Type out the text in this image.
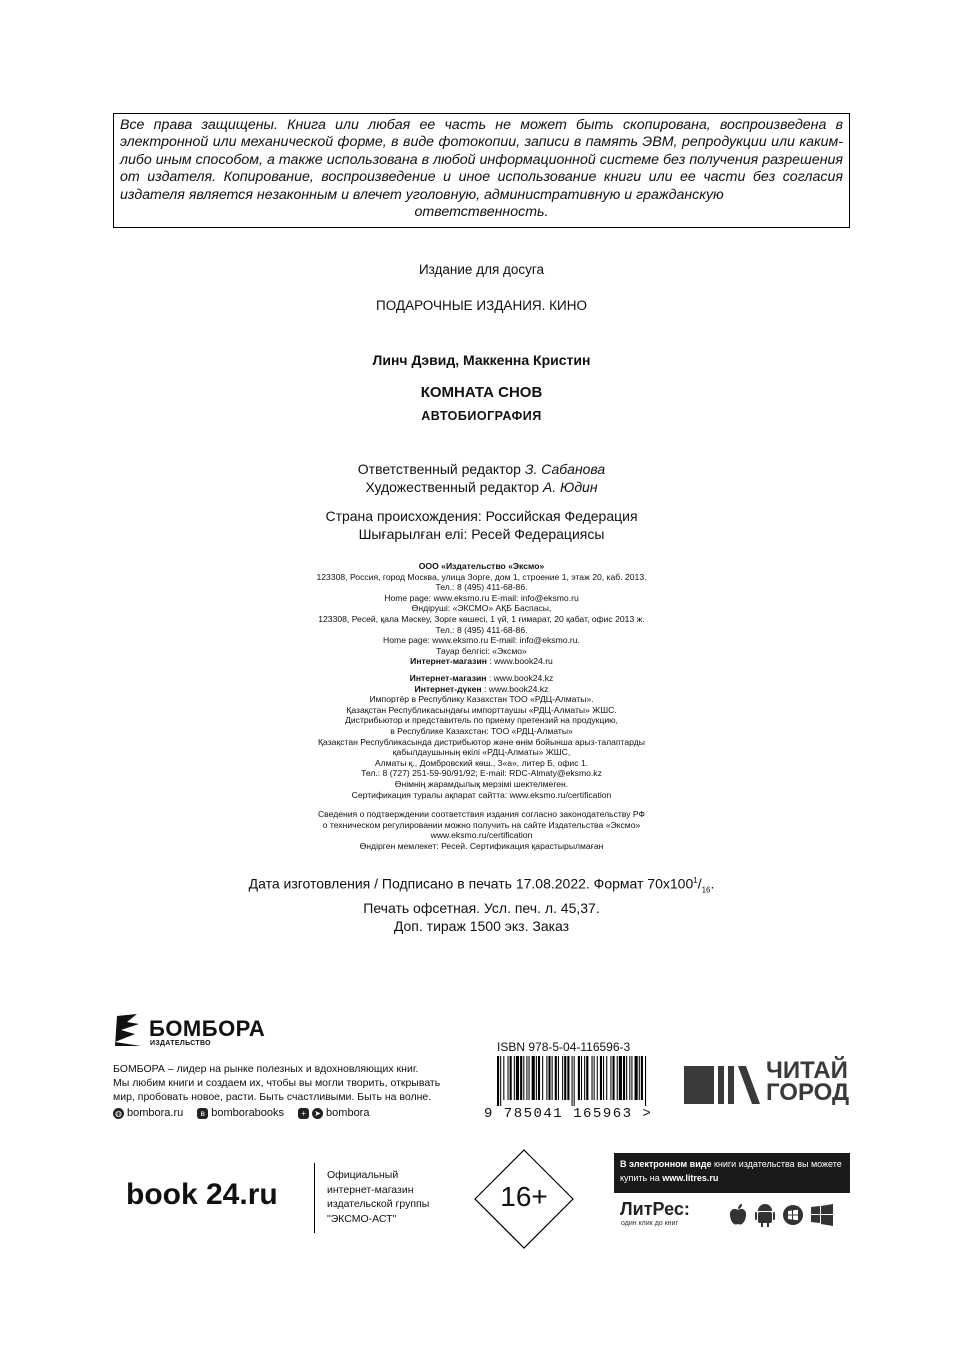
Все права защищены. Книга или любая ее часть не может быть скопирована, воспроизведена в электронной или механической форме, в виде фотокопии, записи в память ЭВМ, репродукции или каким-либо иным способом, а также использована в любой информационной системе без получения разрешения от издателя. Копирование, воспроизведение и иное использование книги или ее части без согласия издателя является незаконным и влечет уголовную, административную и гражданскую
ответственность.
Издание для досуга
ПОДАРОЧНЫЕ ИЗДАНИЯ. КИНО
Линч Дэвид, Маккенна Кристин
КОМНАТА СНОВ
АВТОБИОГРАФИЯ
Ответственный редактор З. Сабанова
Художественный редактор А. Юдин
Страна происхождения: Российская Федерация
Шығарылған елі: Ресей Федерациясы
ООО «Издательство «Эксмо»
123308, Россия, город Москва, улица Зорге, дом 1, строение 1, этаж 20, каб. 2013.
Тел.: 8 (495) 411-68-86.
Home page: www.eksmo.ru E-mail: info@eksmo.ru
Өндіруші: «ЭКСМО» АҚБ Баспасы,
123308, Ресей, қала Мәскеу, Зорге көшесі, 1 үй, 1 ғимарат, 20 қабат, офис 2013 ж.
Тел.: 8 (495) 411-68-86.
Home page: www.eksmo.ru E-mail: info@eksmo.ru.
Тауар белгісі: «Эксмо»
Интернет-магазин : www.book24.ru
Интернет-магазин : www.book24.kz
Интернет-дүкен : www.book24.kz
Импортёр в Республику Казахстан ТОО «РДЦ-Алматы».
Қазақстан Республикасындағы импорттаушы «РДЦ-Алматы» ЖШС.
Дистрибьютор и представитель по приему претензий на продукцию,
в Республике Казахстан: ТОО «РДЦ-Алматы»
Қазақстан Республикасында дистрибьютор және өнім бойынша арыз-талаптарды
қабылдаушының өкілі «РДЦ-Алматы» ЖШС,
Алматы қ., Домбровский көш., 3«а», литер Б, офис 1.
Тел.: 8 (727) 251-59-90/91/92; E-mail: RDC-Almaty@eksmo.kz
Өнімнің жарамдылық мерзімі шектелмеген.
Сертификация туралы ақпарат сайтта: www.eksmo.ru/certification
Сведения о подтверждении соответствия издания согласно законодательству РФ
о техническом регулировании можно получить на сайте Издательства «Эксмо»
www.eksmo.ru/certification
Өндірген мемлекет: Ресей. Сертификация қарастырылмаған
Дата изготовления / Подписано в печать 17.08.2022. Формат $70x100^1/_{16}$.
Печать офсетная. Усл. печ. л. 45,37.
Доп. тираж 1500 экз. Заказ
БОМБОРА
ИЗДАТЕЛЬСТВО
БОМБОРА – лидер на рынке полезных и вдохновляющих книг.
Мы любим книги и создаем их, чтобы вы могли творить, открывать
мир, пробовать новое, расти. Быть счастливыми. Быть на волне.
◍ bombora.ru	в bomborabooks	+	➤ bombora
ISBN 978-5-04-116596-3
9 785041 165963 >
ЧИТАЙ
ГОРОД
book 24.ru
Официальный
интернет-магазин
издательской группы
"ЭКСМО-АСТ"
16+
В электронном виде книги издательства вы можете
купить на www.litres.ru
ЛитРес:
один клик до книг
